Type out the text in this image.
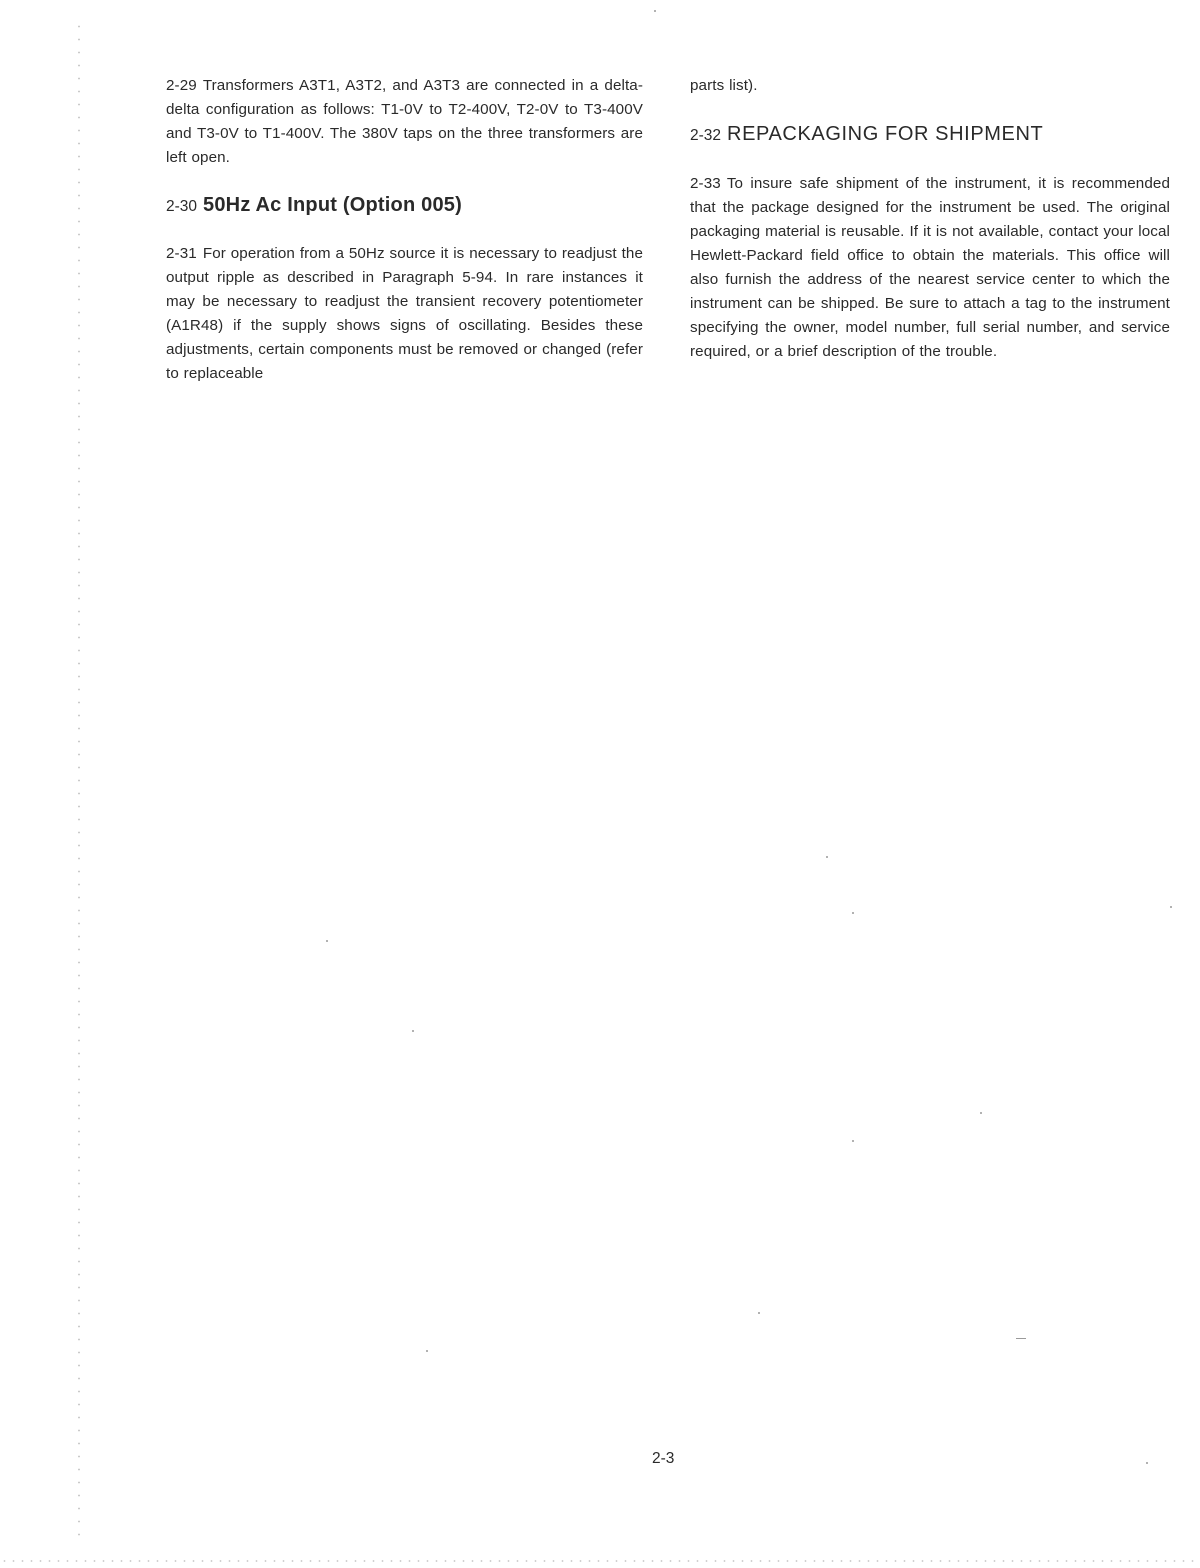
2-29 Transformers A3T1, A3T2, and A3T3 are connected in a delta-delta configuration as follows: T1-0V to T2-400V, T2-0V to T3-400V and T3-0V to T1-400V. The 380V taps on the three transformers are left open.

2-30 50Hz Ac Input (Option 005)

2-31 For operation from a 50Hz source it is necessary to readjust the output ripple as described in Paragraph 5-94. In rare instances it may be necessary to readjust the transient recovery potentiometer (A1R48) if the supply shows signs of oscillating. Besides these adjustments, certain components must be removed or changed (refer to replaceable

parts list).

2-32 REPACKAGING FOR SHIPMENT

2-33 To insure safe shipment of the instrument, it is recommended that the package designed for the instrument be used. The original packaging material is reusable. If it is not available, contact your local Hewlett-Packard field office to obtain the materials. This office will also furnish the address of the nearest service center to which the instrument can be shipped. Be sure to attach a tag to the instrument specifying the owner, model number, full serial number, and service required, or a brief description of the trouble.

2-3
